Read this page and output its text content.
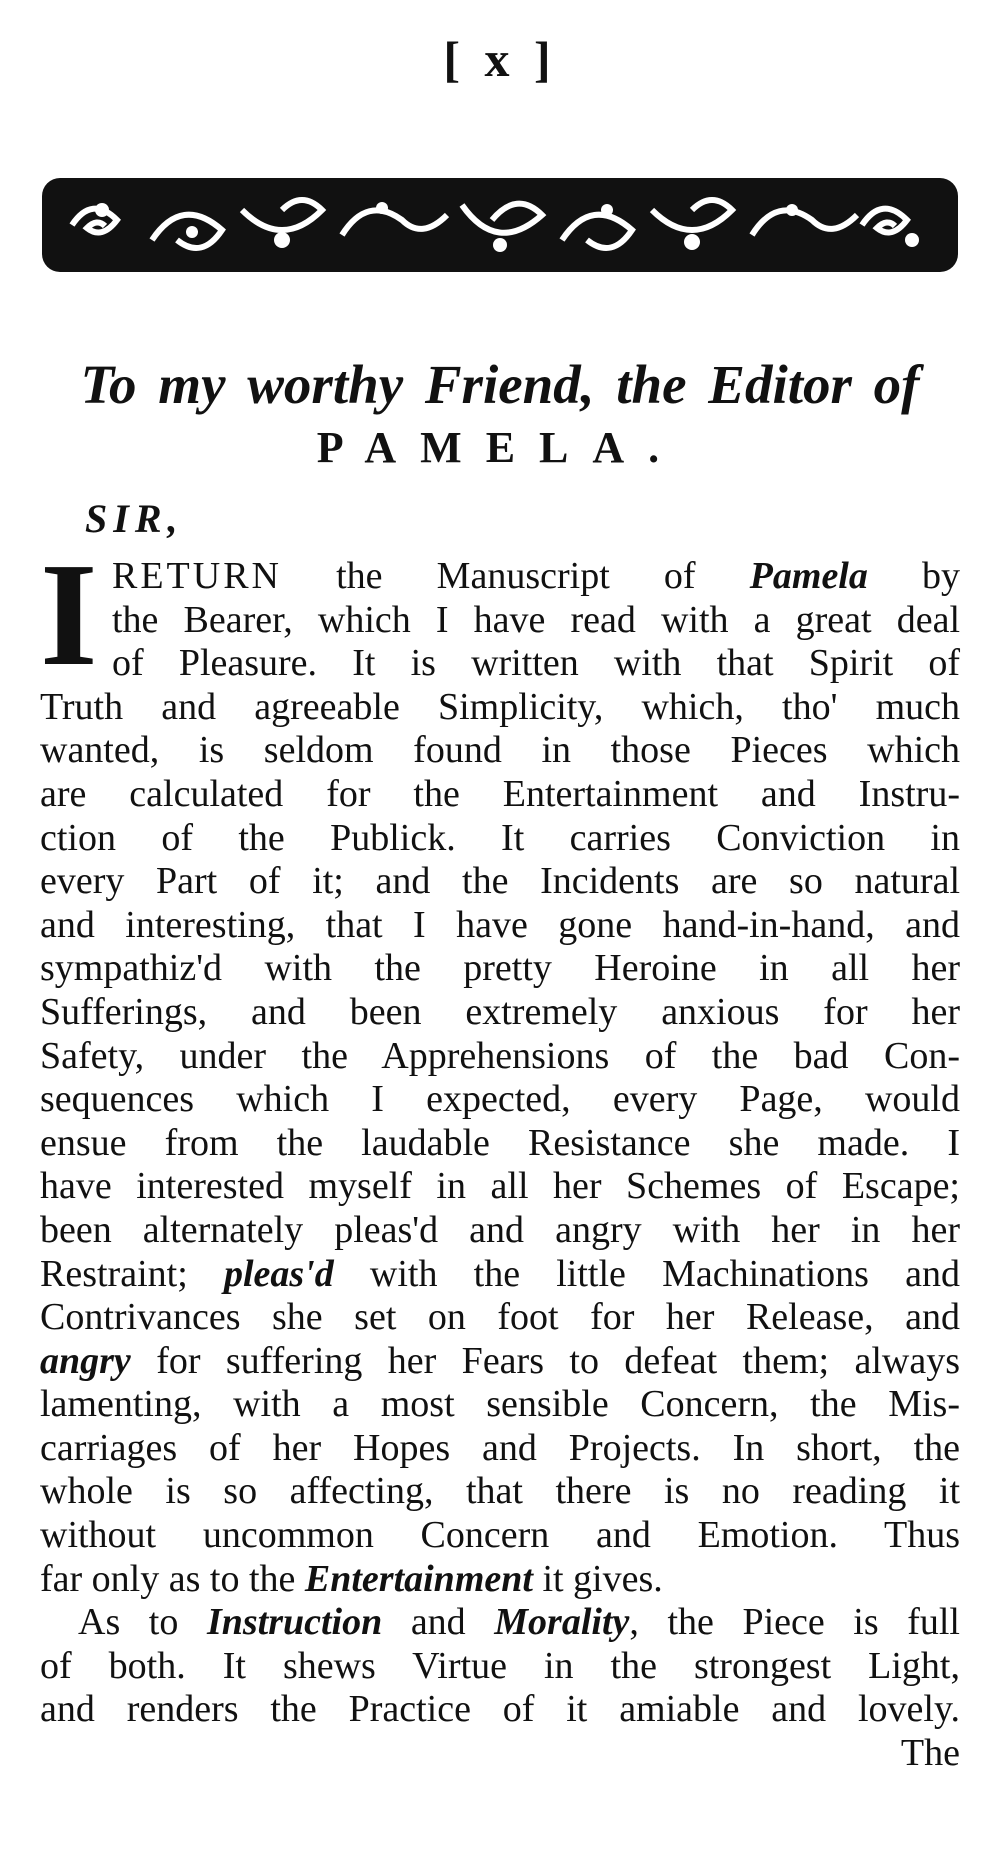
[ x ]
To my worthy Friend, the Editor of
PAMELA.
SIR,
I RETURN the Manuscript of Pamela by
the Bearer, which I have read with a great deal
of Pleasure. It is written with that Spirit of
Truth and agreeable Simplicity, which, tho' much
wanted, is seldom found in those Pieces which
are calculated for the Entertainment and Instru-
ction of the Publick. It carries Conviction in
every Part of it; and the Incidents are so natural
and interesting, that I have gone hand-in-hand, and
sympathiz'd with the pretty Heroine in all her
Sufferings, and been extremely anxious for her
Safety, under the Apprehensions of the bad Con-
sequences which I expected, every Page, would
ensue from the laudable Resistance she made. I
have interested myself in all her Schemes of Escape;
been alternately pleas'd and angry with her in her
Restraint; pleas'd with the little Machinations and
Contrivances she set on foot for her Release, and
angry for suffering her Fears to defeat them; always
lamenting, with a most sensible Concern, the Mis-
carriages of her Hopes and Projects. In short, the
whole is so affecting, that there is no reading it
without uncommon Concern and Emotion. Thus
far only as to the Entertainment it gives.
As to Instruction and Morality, the Piece is full
of both. It shews Virtue in the strongest Light,
and renders the Practice of it amiable and lovely.
The
